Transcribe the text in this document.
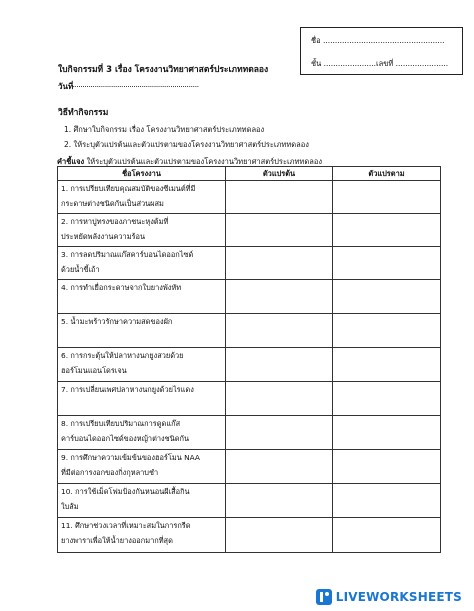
ชื่อ ...................................................
ชั้น ......................เลขที่ ......................
ใบกิจกรรมที่ 3 เรื่อง โครงงานวิทยาศาสตร์ประเภททดลอง
วันที่
..............................................................
วิธีทำกิจกรรม
1. ศึกษาใบกิจกรรม เรื่อง โครงงานวิทยาศาสตร์ประเภททดลอง
2. ให้ระบุตัวแปรต้นและตัวแปรตามของโครงงานวิทยาศาสตร์ประเภททดลอง
คำชี้แจง ให้ระบุตัวแปรต้นและตัวแปรตามของโครงงานวิทยาศาสตร์ประเภททดลอง
ชื่อโครงงาน	ตัวแปรต้น	ตัวแปรตาม

1. การเปรียบเทียบคุณสมบัติของซีเมนต์ที่มี
กระดาษต่างชนิดกันเป็นส่วนผสม		

2. การหาปูทรงของภาชนะหุงต้มที่
ประหยัดพลังงานความร้อน		

3. การลดปริมาณแก๊สคาร์บอนไดออกไซด์
ด้วยน้ำขี้เถ้า		

4. การทำเยื่อกระดาษจากใบยางพังหัท		

5. น้ำมะพร้าวรักษาความสดของผัก		

6. การกระตุ้นให้ปลาหางนกยูงสวยด้วย
ฮอร์โมนแอนโดรเจน		

7. การเปลี่ยนเพศปลาหางนกยูงด้วยไรแดง		

8. การเปรียบเทียบปริมาณการดูดแก๊ส
คาร์บอนไดออกไซด์ของหญ้าต่างชนิดกัน		

9. การศึกษาความเข้มข้นของฮอร์โมน NAA
ที่มีต่อการงอกของกิ่งกุหลาบชำ		

10. การใช้เม็ดโฟมป้องกันหนอนผีเสื้อกิน
ใบส้ม		

11. ศึกษาช่วงเวลาที่เหมาะสมในการกรีด
ยางพาราเพื่อให้น้ำยางออกมากที่สุด		

LIVEWORKSHEETS
